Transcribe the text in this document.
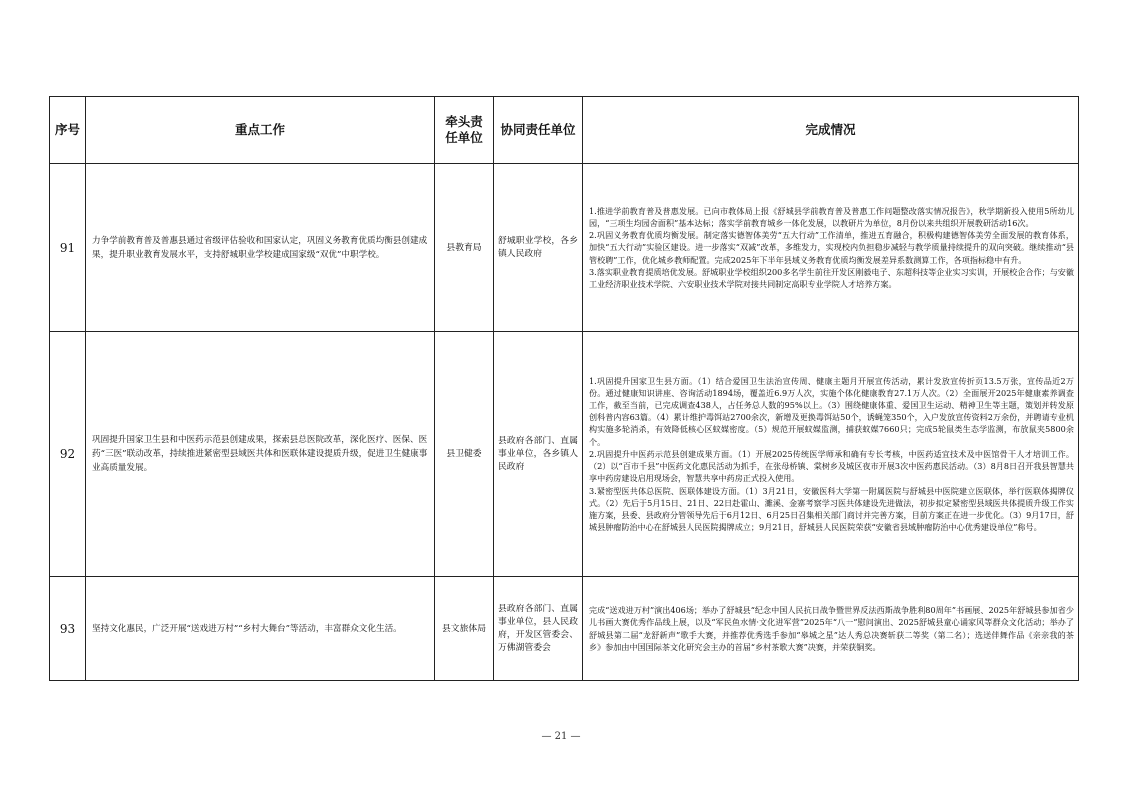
序号	重点工作	牵头责任单位	协同责任单位	完成情况
91	力争学前教育普及普惠县通过省级评估验收和国家认定，巩固义务教育优质均衡县创建成果，提升职业教育发展水平，支持舒城职业学校建成国家级“双优”中职学校。	县教育局	舒城职业学校，各乡镇人民政府	1.推进学前教育普及普惠发展。已向市教体局上报《舒城县学前教育普及普惠工作问题整改落实情况报告》，秋学期新投入使用5所幼儿园，“三项生均园舍面积”基本达标；落实学前教育城乡一体化发展，以教研片为单位，8月份以来共组织开展教研活动16次。
2.巩固义务教育优质均衡发展。制定落实德智体美劳“五大行动”工作清单，推进五育融合，积极构建德智体美劳全面发展的教育体系，加快“五大行动”实验区建设。进一步落实“双减”改革，多维发力，实现校内负担稳步减轻与教学质量持续提升的双向突破。继续推动“县管校聘”工作，优化城乡教师配置。完成2025年下半年县域义务教育优质均衡发展差异系数测算工作，各项指标稳中有升。
3.落实职业教育提质培优发展。舒城职业学校组织200多名学生前往开发区刚毅电子、东超科技等企业实习实训，开展校企合作；与安徽工业经济职业技术学院、六安职业技术学院对接共同制定高职专业学院人才培养方案。

92	巩固提升国家卫生县和中医药示范县创建成果，探索县总医院改革，深化医疗、医保、医药“三医”联动改革，持续推进紧密型县域医共体和医联体建设提质升级，促进卫生健康事业高质量发展。	县卫健委	县政府各部门、直属事业单位，各乡镇人民政府	1.巩固提升国家卫生县方面。（1）结合爱国卫生法治宣传周、健康主题月开展宣传活动，累计发放宣传折页13.5万张，宣传品近2万份。通过健康知识讲座、咨询活动1894场，覆盖近6.9万人次，实施个体化健康教育27.1万人次。（2）全面展开2025年健康素养调查工作，截至当前，已完成调查438人，占任务总人数的95%以上。（3）围绕健康体重、爱国卫生运动、精神卫生等主题，策划并转发原创科普内容63篇。（4）累计维护毒饵站2700余次，新增及更换毒饵站50个，诱蝇笼350个，入户发放宣传资料2万余份，并聘请专业机构实施多轮消杀，有效降低核心区蚊媒密度。（5）规范开展蚊媒监测，捕获蚊媒7660只；完成5轮鼠类生态学监测，布放鼠夹5800余个。
2.巩固提升中医药示范县创建成果方面。（1）开展2025传统医学师承和确有专长考核，中医药适宜技术及中医馆骨干人才培训工作。（2）以“百市千县”中医药文化惠民活动为抓手，在张母桥镇、棠树乡及城区夜市开展3次中医药惠民活动。（3）8月8日召开我县智慧共享中药房建设启用现场会，智慧共享中药房正式投入使用。
3.紧密型医共体总医院、医联体建设方面。（1）3月21日，安徽医科大学第一附属医院与舒城县中医院建立医联体，举行医联体揭牌仪式。（2）先后于5月15日、21日、22日赴霍山、濉溪、金寨考察学习医共体建设先进做法，初步拟定紧密型县域医共体提质升级工作实施方案，县委、县政府分管领导先后于6月12日、6月25日召集相关部门商讨并完善方案，目前方案正在进一步优化。（3）9月17日，舒城县肿瘤防治中心在舒城县人民医院揭牌成立；9月21日，舒城县人民医院荣获“安徽省县域肿瘤防治中心优秀建设单位”称号。

93	坚持文化惠民，广泛开展“送戏进万村”“乡村大舞台”等活动，丰富群众文化生活。	县文旅体局	县政府各部门、直属事业单位，县人民政府，开发区管委会、万佛湖管委会	完成“送戏进万村”演出406场；举办了舒城县“纪念中国人民抗日战争暨世界反法西斯战争胜利80周年”书画展、2025年舒城县参加省少儿书画大赛优秀作品线上展，以及“军民鱼水情·文化进军营”2025年“八一”慰问演出、2025舒城县童心诵家风等群众文化活动；举办了舒城县第二届“龙舒新声”歌手大赛，并推荐优秀选手参加“皋城之星”达人秀总决赛斩获二等奖（第二名）；选送伴舞作品《亲亲我的茶乡》参加由中国国际茶文化研究会主办的首届“乡村茶歌大赛”决赛，并荣获铜奖。
— 21 —
